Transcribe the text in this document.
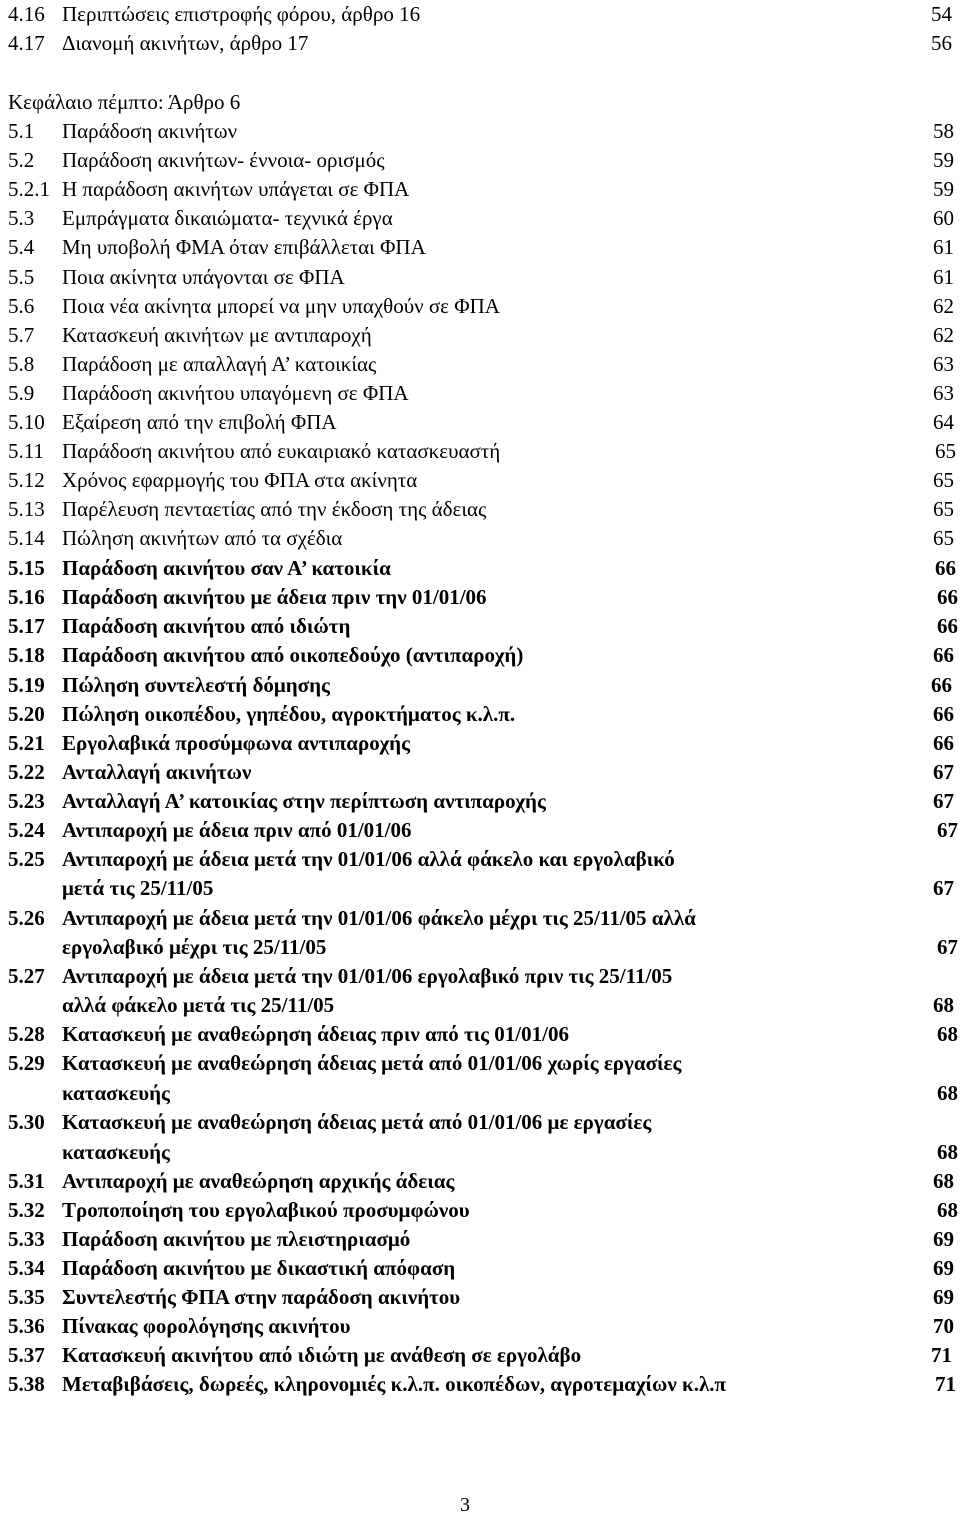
4.16 Περιπτώσεις επιστροφής φόρου, άρθρο 16	54
4.17 Διανομή ακινήτων, άρθρο 17	56
Κεφάλαιο πέμπτο: Άρθρο 6
5.1 Παράδοση ακινήτων	58
5.2 Παράδοση ακινήτων- έννοια- ορισμός	59
5.2.1 Η παράδοση ακινήτων υπάγεται σε ΦΠΑ	59
5.3 Εμπράγματα δικαιώματα- τεχνικά έργα	60
5.4 Μη υποβολή ΦΜΑ όταν επιβάλλεται ΦΠΑ	61
5.5 Ποια ακίνητα υπάγονται σε ΦΠΑ	61
5.6 Ποια νέα ακίνητα μπορεί να μην υπαχθούν σε ΦΠΑ	62
5.7 Κατασκευή ακινήτων με αντιπαροχή	62
5.8 Παράδοση με απαλλαγή Α’ κατοικίας	63
5.9 Παράδοση ακινήτου υπαγόμενη σε ΦΠΑ	63
5.10 Εξαίρεση από την επιβολή ΦΠΑ	64
5.11 Παράδοση ακινήτου από ευκαιριακό κατασκευαστή	65
5.12 Χρόνος εφαρμογής του ΦΠΑ στα ακίνητα	65
5.13 Παρέλευση πενταετίας από την έκδοση της άδειας	65
5.14 Πώληση ακινήτων από τα σχέδια	65
5.15 Παράδοση ακινήτου σαν Α’ κατοικία	66
5.16 Παράδοση ακινήτου με άδεια πριν την 01/01/06	66
5.17 Παράδοση ακινήτου από ιδιώτη	66
5.18 Παράδοση ακινήτου από οικοπεδούχο (αντιπαροχή)	66
5.19 Πώληση συντελεστή δόμησης	66
5.20 Πώληση οικοπέδου, γηπέδου, αγροκτήματος κ.λ.π.	66
5.21 Εργολαβικά προσύμφωνα αντιπαροχής	66
5.22 Ανταλλαγή ακινήτων	67
5.23 Ανταλλαγή Α’ κατοικίας στην περίπτωση αντιπαροχής	67
5.24 Αντιπαροχή με άδεια πριν από 01/01/06	67
5.25 Αντιπαροχή με άδεια μετά την 01/01/06 αλλά φάκελο και εργολαβικό
μετά τις 25/11/05	67
5.26 Αντιπαροχή με άδεια μετά την 01/01/06 φάκελο μέχρι τις 25/11/05 αλλά
εργολαβικό μέχρι τις 25/11/05	67
5.27 Αντιπαροχή με άδεια μετά την 01/01/06 εργολαβικό πριν τις 25/11/05
αλλά φάκελο μετά τις 25/11/05	68
5.28 Κατασκευή με αναθεώρηση άδειας πριν από τις 01/01/06	68
5.29 Κατασκευή με αναθεώρηση άδειας μετά από 01/01/06 χωρίς εργασίες
κατασκευής	68
5.30 Κατασκευή με αναθεώρηση άδειας μετά από 01/01/06 με εργασίες
κατασκευής	68
5.31 Αντιπαροχή με αναθεώρηση αρχικής άδειας	68
5.32 Τροποποίηση του εργολαβικού προσυμφώνου	68
5.33 Παράδοση ακινήτου με πλειστηριασμό	69
5.34 Παράδοση ακινήτου με δικαστική απόφαση	69
5.35 Συντελεστής ΦΠΑ στην παράδοση ακινήτου	69
5.36 Πίνακας φορολόγησης ακινήτου	70
5.37 Κατασκευή ακινήτου από ιδιώτη με ανάθεση σε εργολάβο	71
5.38 Μεταβιβάσεις, δωρεές, κληρονομιές κ.λ.π. οικοπέδων, αγροτεμαχίων κ.λ.π	71
3
